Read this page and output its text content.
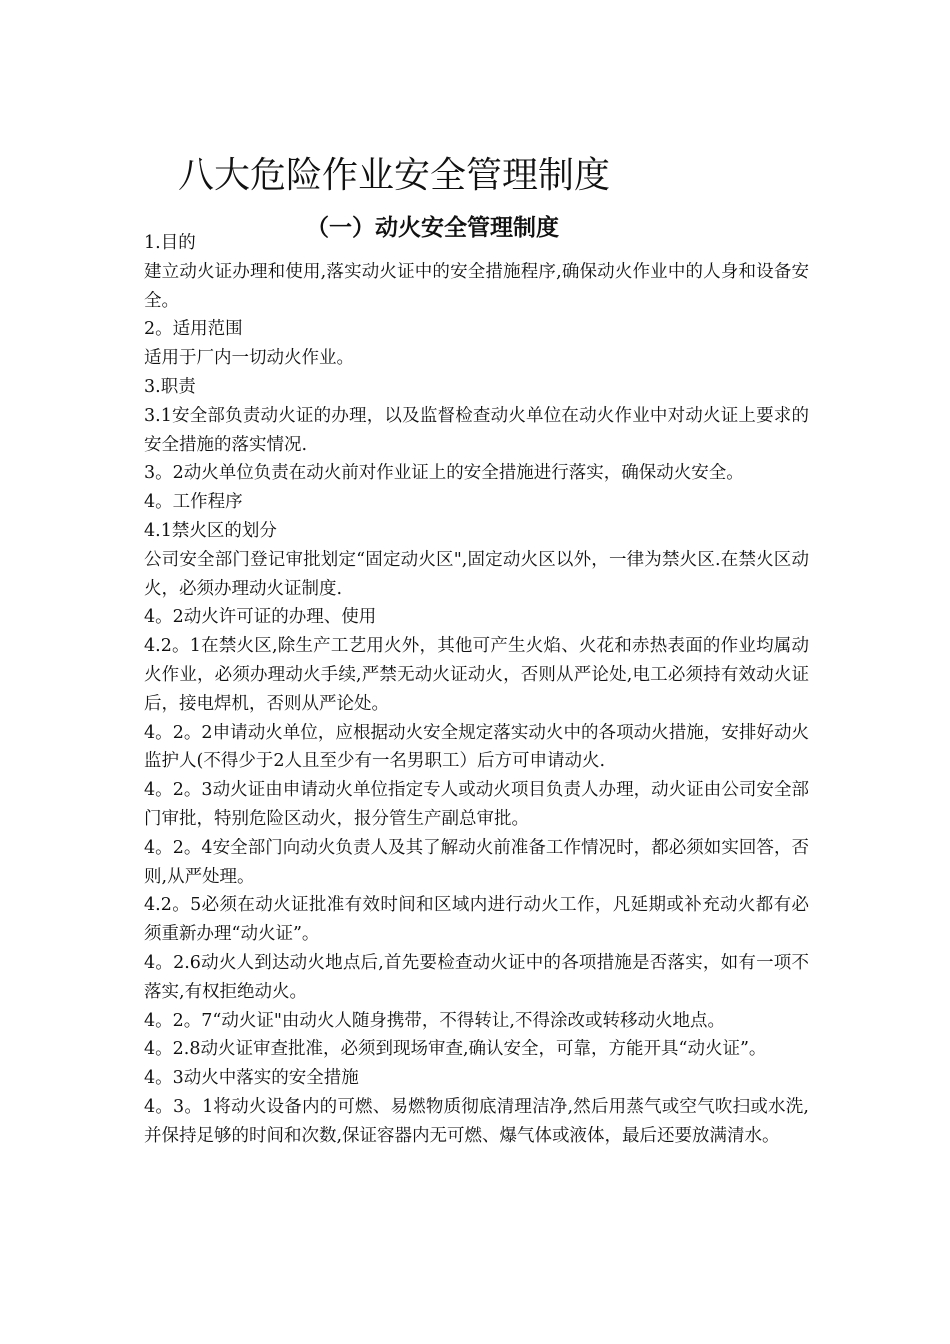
八大危险作业安全管理制度
（一）动火安全管理制度

1.目的

建立动火证办理和使用,落实动火证中的安全措施程序,确保动火作业中的人身和设备安全。

2。适用范围

适用于厂内一切动火作业。

3.职责

3.1安全部负责动火证的办理，以及监督检查动火单位在动火作业中对动火证上要求的安全措施的落实情况.

3。2动火单位负责在动火前对作业证上的安全措施进行落实，确保动火安全。

4。工作程序

4.1禁火区的划分

公司安全部门登记审批划定“固定动火区",固定动火区以外，一律为禁火区.在禁火区动火，必须办理动火证制度.

4。2动火许可证的办理、使用

4.2。1在禁火区,除生产工艺用火外，其他可产生火焰、火花和赤热表面的作业均属动火作业，必须办理动火手续,严禁无动火证动火，否则从严论处,电工必须持有效动火证后，接电焊机，否则从严论处。

4。2。2申请动火单位，应根据动火安全规定落实动火中的各项动火措施，安排好动火监护人(不得少于2人且至少有一名男职工）后方可申请动火.

4。2。3动火证由申请动火单位指定专人或动火项目负责人办理，动火证由公司安全部门审批，特别危险区动火，报分管生产副总审批。

4。2。4安全部门向动火负责人及其了解动火前准备工作情况时，都必须如实回答，否则,从严处理。

4.2。5必须在动火证批准有效时间和区域内进行动火工作，凡延期或补充动火都有必须重新办理“动火证”。

4。2.6动火人到达动火地点后,首先要检查动火证中的各项措施是否落实，如有一项不落实,有权拒绝动火。

4。2。7“动火证"由动火人随身携带，不得转让,不得涂改或转移动火地点。

4。2.8动火证审查批准，必须到现场审查,确认安全，可靠，方能开具“动火证”。

4。3动火中落实的安全措施

4。3。1将动火设备内的可燃、易燃物质彻底清理洁净,然后用蒸气或空气吹扫或水洗,并保持足够的时间和次数,保证容器内无可燃、爆气体或液体，最后还要放满清水。
